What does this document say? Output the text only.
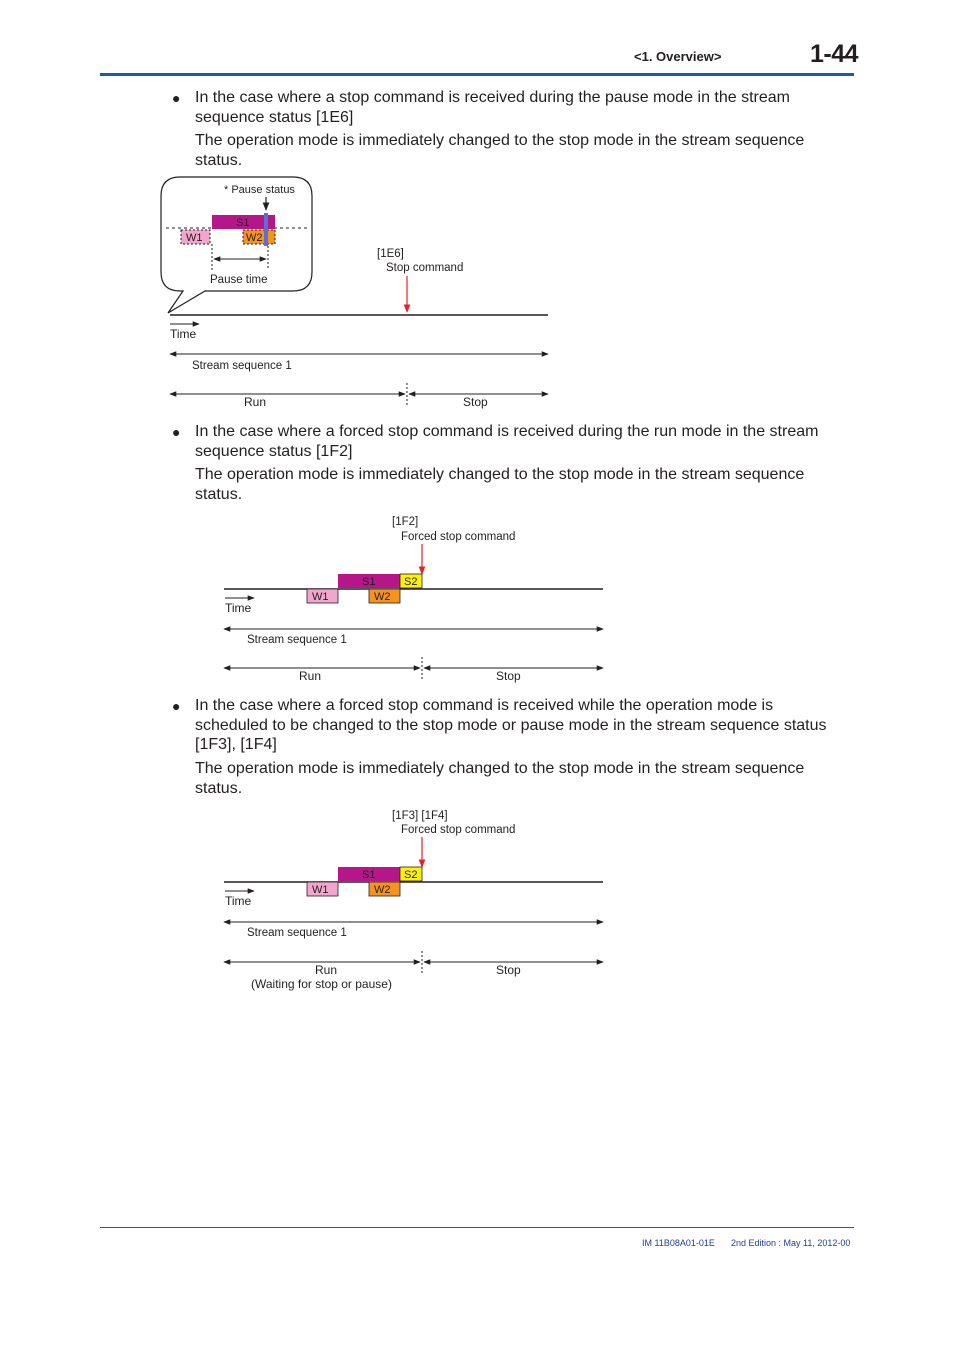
<1. Overview>	1-44
● In the case where a stop command is received during the pause mode in the stream sequence status [1E6]
The operation mode is immediately changed to the stop mode in the stream sequence status.
* Pause status
S1
W1	W2
Pause time
[1E6]
Stop command
Time
Stream sequence 1
Run	Stop
● In the case where a forced stop command is received during the run mode in the stream sequence status [1F2]
The operation mode is immediately changed to the stop mode in the stream sequence status.
[1F2]
Forced stop command
S1	S2
W1	W2
Time
Stream sequence 1
Run	Stop
● In the case where a forced stop command is received while the operation mode is scheduled to be changed to the stop mode or pause mode in the stream sequence status [1F3], [1F4]
The operation mode is immediately changed to the stop mode in the stream sequence status.
[1F3] [1F4]
Forced stop command
S1	S2
W1	W2
Time
Stream sequence 1
Run
(Waiting for stop or pause)
Stop
IM 11B08A01-01E 2nd Edition : May 11, 2012-00
